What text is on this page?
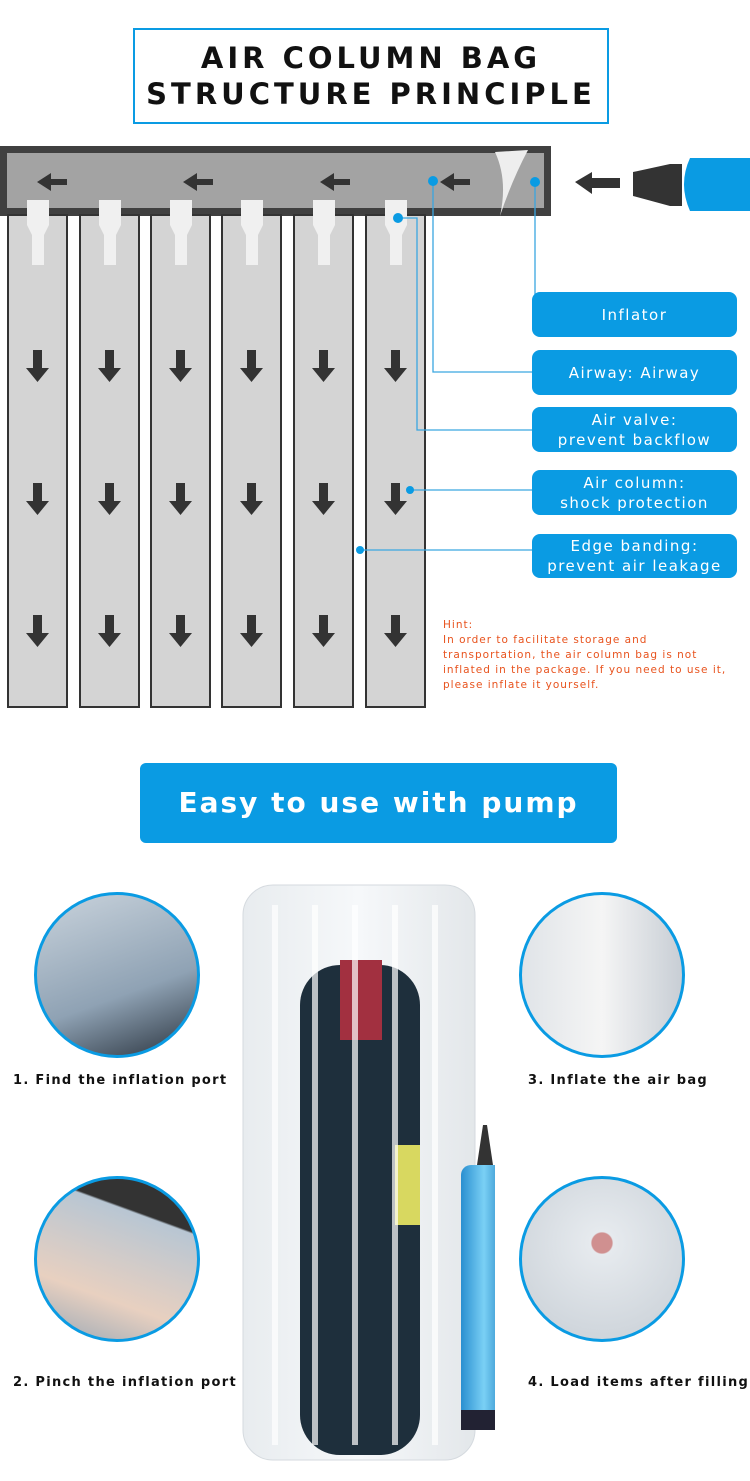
AIR COLUMN BAG
STRUCTURE PRINCIPLE
Inflator
Airway: Airway
Air valve:
prevent backflow
Air column:
shock protection
Edge banding:
prevent air leakage
Hint:
In order to facilitate storage and transportation, the air column bag is not inflated in the package. If you need to use it, please inflate it yourself.
Easy to use with pump
1. Find the inflation port
2. Pinch the inflation port
3. Inflate the air bag
4. Load items after filling
